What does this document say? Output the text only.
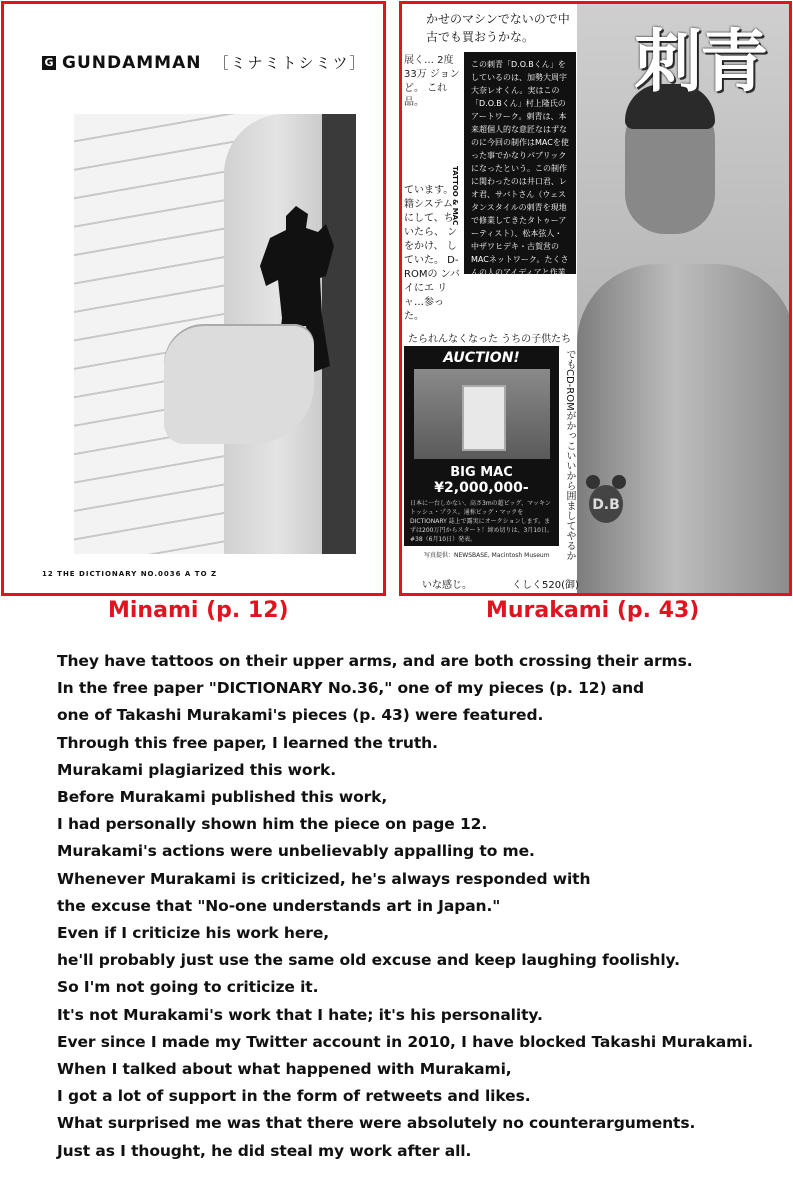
G GUNDAMMAN ［ミナミトシミツ］
12 THE DICTIONARY NO.0036 A TO Z
D.B
刺青
かせのマシンでないので中古でも買おうかな。
展く… 2度 33万 ジョン ど。 これ 品。
この刺青「D.O.Bくん」をしているのは、加勢大周宇大奈レオくん。実はこの「D.O.Bくん」村上隆氏のアートワーク。刺青は、本来超個人的な意匠なはずなのに今回の制作はMACを使った事でかなりパブリックになったという。この制作に関わったのは井口君、レオ君、サバトさん（ウェスタンスタイルの刺青を現地で修業してきたタトゥーアーティスト）、松本弦人・中ザワヒデキ・古賀営のMACネットワーク。たくさんの人のアイディアと作業の末、レオ君のBADなイメージとPRETTYな世界がここで融合した
TATTOO & MAC
ています。 籍システム にして、ち いたら、 ンをかけ、 していた。 D-ROMの ンバイにエ リャ…参った。
たられんなくなった うちの子供たち
AUCTION!
BIG MAC
¥2,000,000-
日本に一台しかない、高さ3mの超ビッグ、マッキントッシュ・プラス。通称ビッグ・マックをDICTIONARY 誌上で露実にオークションします。まずは200万円からスタート！締め切りは、3月10日。#38（6月10日）発表。
写真提供：NEWSBASE, Macintosh Museum でもCD-ROMがかっこいいから囲ましてやるか
いな感じ。	くしく520(御)
Minami (p. 12)	Murakami (p. 43)

They have tattoos on their upper arms, and are both crossing their arms.

In the free paper "DICTIONARY No.36," one of my pieces (p. 12) and

one of Takashi Murakami's pieces (p. 43) were featured.

Through this free paper, I learned the truth.

Murakami plagiarized this work.

Before Murakami published this work,

I had personally shown him the piece on page 12.

Murakami's actions were unbelievably appalling to me.

Whenever Murakami is criticized, he's always responded with

the excuse that "No-one understands art in Japan."

Even if I criticize his work here,

he'll probably just use the same old excuse and keep laughing foolishly.

So I'm not going to criticize it.

It's not Murakami's work that I hate; it's his personality.

Ever since I made my Twitter account in 2010, I have blocked Takashi Murakami.

When I talked about what happened with Murakami,

I got a lot of support in the form of retweets and likes.

What surprised me was that there were absolutely no counterarguments.

Just as I thought, he did steal my work after all.
